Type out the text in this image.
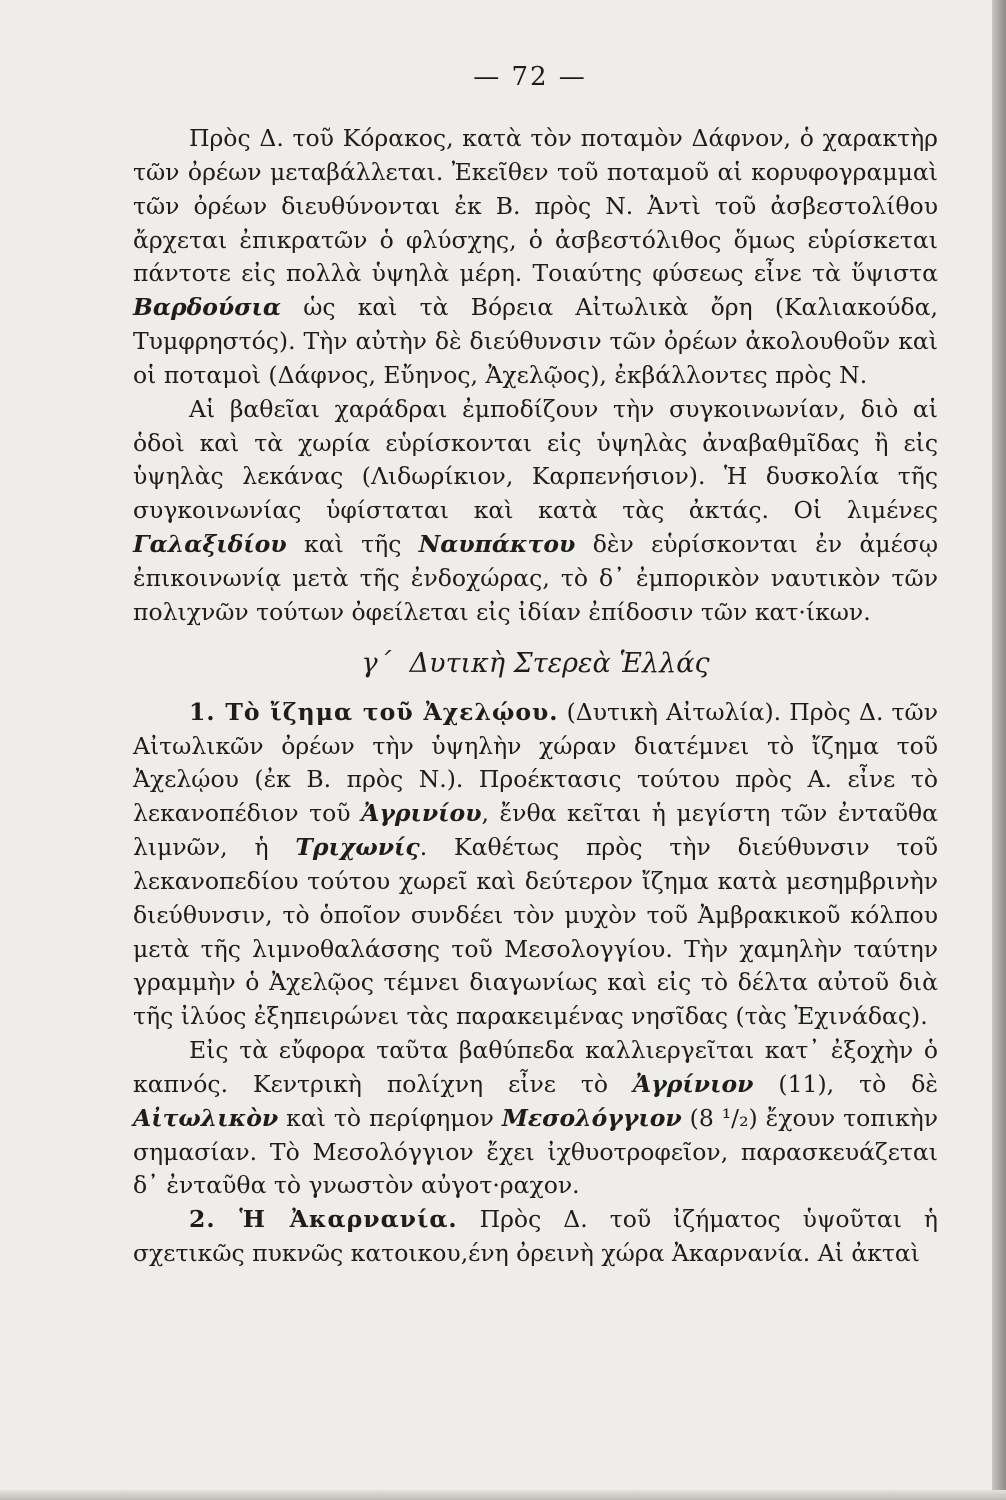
— 72 —

Πρὸς Δ. τοῦ Κόρακος, κατὰ τὸν ποταμὸν Δάφνον, ὁ χαρακτὴρ τῶν ὀρέων μεταβάλλεται. Ἐκεῖθεν τοῦ ποταμοῦ αἱ κορυφογραμμαὶ τῶν ὀρέων διευθύνονται ἐκ Β. πρὸς Ν. Ἀντὶ τοῦ ἀσβεστολίθου ἄρχεται ἐπικρατῶν ὁ φλύσχης, ὁ ἀσβεστόλιθος ὅμως εὑρίσκεται πάντοτε εἰς πολλὰ ὑψηλὰ μέρη. Τοιαύτης φύσεως εἶνε τὰ ὕψιστα Βαρδούσια ὡς καὶ τὰ Βόρεια Αἰτωλικὰ ὄρη (Καλιακούδα, Τυμφρηστός). Τὴν αὐτὴν δὲ διεύθυνσιν τῶν ὀρέων ἀκολουθοῦν καὶ οἱ ποταμοὶ (Δάφνος, Εὔηνος, Ἀχελῷος), ἐκβάλλοντες πρὸς Ν.

Αἱ βαθεῖαι χαράδραι ἐμποδίζουν τὴν συγκοινωνίαν, διὸ αἱ ὁδοὶ καὶ τὰ χωρία εὑρίσκονται εἰς ὑψηλὰς ἀναβαθμῖδας ἢ εἰς ὑψηλὰς λεκάνας (Λιδωρίκιον, Καρπενήσιον). Ἡ δυσκολία τῆς συγκοινωνίας ὑφίσταται καὶ κατὰ τὰς ἀκτάς. Οἱ λιμένες Γαλαξιδίου καὶ τῆς Ναυπάκτου δὲν εὑρίσκονται ἐν ἀμέσῳ ἐπικοινωνίᾳ μετὰ τῆς ἐνδοχώρας, τὸ δ᾿ ἐμπορικὸν ναυτικὸν τῶν πολιχνῶν τούτων ὀφείλεται εἰς ἰδίαν ἐπίδοσιν τῶν κατ·ίκων.

γ΄ Δυτικὴ Στερεὰ Ἑλλάς

1. Τὸ ἴζημα τοῦ Ἀχελῴου. (Δυτικὴ Αἰτωλία). Πρὸς Δ. τῶν Αἰτωλικῶν ὀρέων τὴν ὑψηλὴν χώραν διατέμνει τὸ ἴζημα τοῦ Ἀχελῴου (ἐκ Β. πρὸς Ν.). Προέκτασις τούτου πρὸς Α. εἶνε τὸ λεκανοπέδιον τοῦ Ἀγρινίου, ἔνθα κεῖται ἡ μεγίστη τῶν ἐνταῦθα λιμνῶν, ἡ Τριχωνίς. Καθέτως πρὸς τὴν διεύθυνσιν τοῦ λεκανοπεδίου τούτου χωρεῖ καὶ δεύτερον ἴζημα κατὰ μεσημβρινὴν διεύθυνσιν, τὸ ὁποῖον συνδέει τὸν μυχὸν τοῦ Ἀμβρακικοῦ κόλπου μετὰ τῆς λιμνοθαλάσσης τοῦ Μεσολογγίου. Τὴν χαμηλὴν ταύτην γραμμὴν ὁ Ἀχελῷος τέμνει διαγωνίως καὶ εἰς τὸ δέλτα αὐτοῦ διὰ τῆς ἰλύος ἐξηπειρώνει τὰς παρακειμένας νησῖδας (τὰς Ἐχινάδας).

Εἰς τὰ εὔφορα ταῦτα βαθύπεδα καλλιεργεῖται κατ᾿ ἐξοχὴν ὁ καπνός. Κεντρικὴ πολίχνη εἶνε τὸ Ἀγρίνιον (11), τὸ δὲ Αἰτωλικὸν καὶ τὸ περίφημον Μεσολόγγιον (8 ¹/₂) ἔχουν τοπικὴν σημασίαν. Τὸ Μεσολόγγιον ἔχει ἰχθυοτροφεῖον, παρασκευάζεται δ᾿ ἐνταῦθα τὸ γνωστὸν αὐγοτ·ραχον.

2. Ἡ Ἀκαρνανία. Πρὸς Δ. τοῦ ἰζήματος ὑψοῦται ἡ σχετικῶς πυκνῶς κατοικου,ένη ὀρεινὴ χώρα Ἀκαρνανία. Αἱ ἀκταὶ
